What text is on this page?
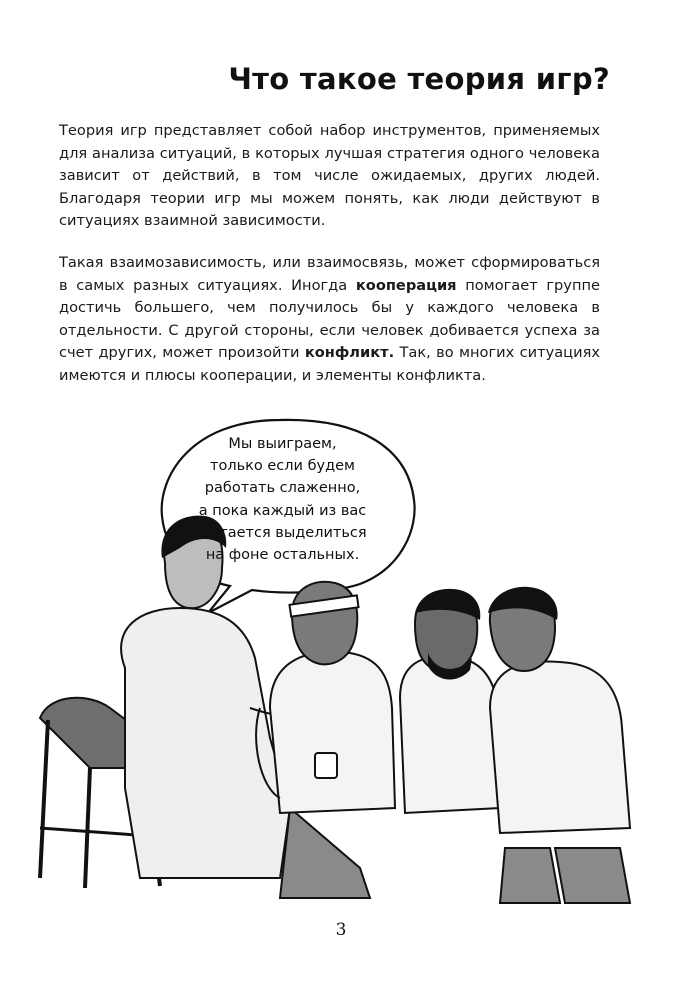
Что такое теория игр?

Теория игр представляет собой набор инструментов, применяемых для анализа ситуаций, в которых лучшая стратегия одного человека зависит от действий, в том числе ожидаемых, других людей. Благодаря теории игр мы можем понять, как люди действуют в ситуациях взаимной зависимости.

Такая взаимозависимость, или взаимосвязь, может сформироваться в самых разных ситуациях. Иногда кооперация помогает группе достичь большего, чем получилось бы у каждого человека в отдельности. С другой стороны, если человек добивается успеха за счет других, может произойти конфликт. Так, во многих ситуациях имеются и плюсы кооперации, и элементы конфликта.

Мы выиграем,
только если будем
работать слаженно,
а пока каждый из вас
пытается выделиться
на фоне остальных.
3
